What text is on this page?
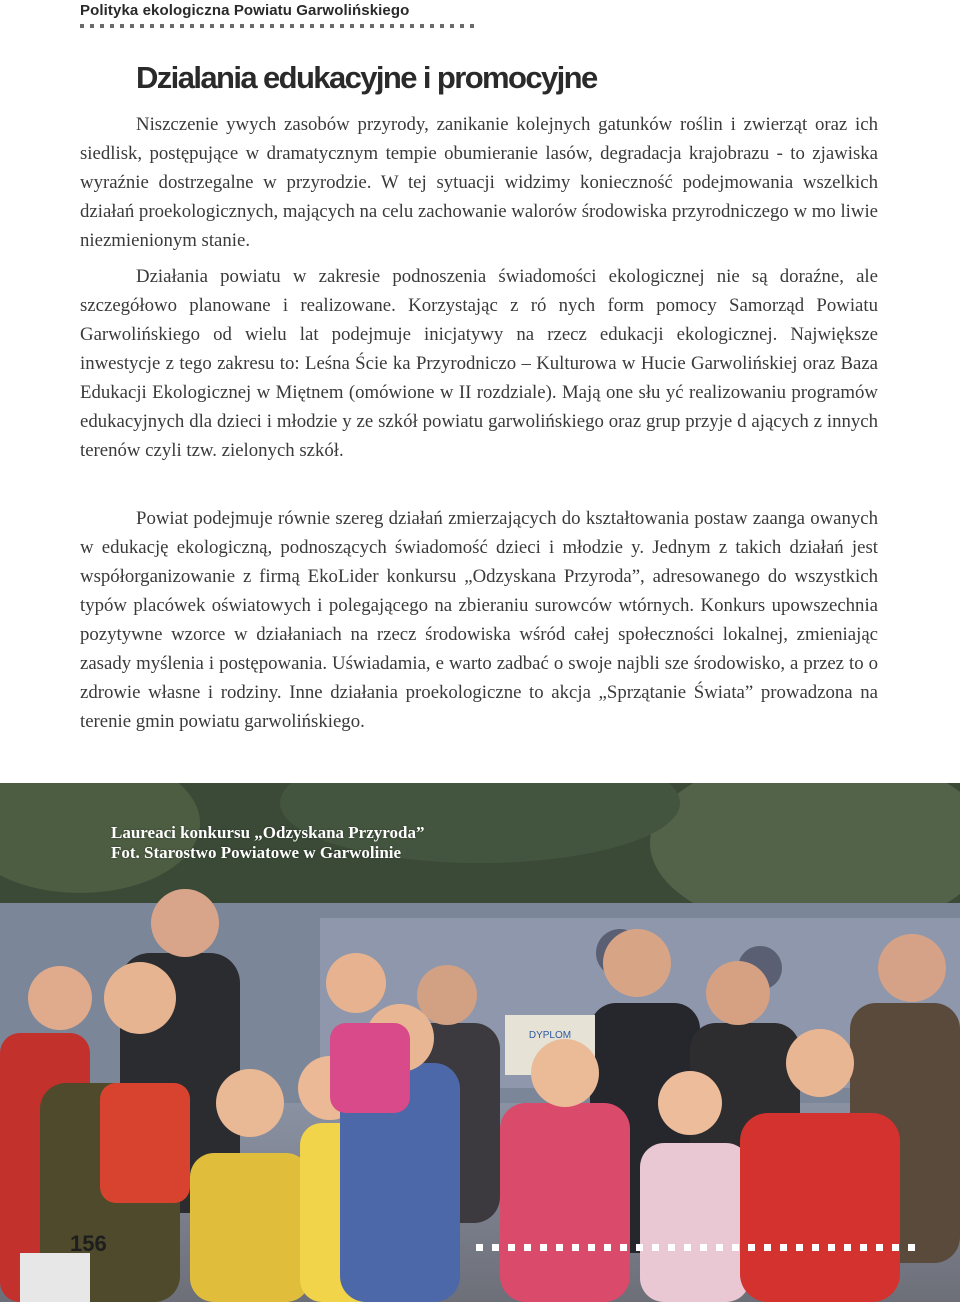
Polityka ekologiczna Powiatu Garwolińskiego
Dzialania edukacyjne i promocyjne

Niszczenie ywych zasobów przyrody, zanikanie kolejnych gatunków roślin i zwierząt oraz ich siedlisk, postępujące w dramatycznym tempie obumieranie lasów, degradacja krajobrazu - to zjawiska wyraźnie dostrzegalne w przyrodzie. W tej sytuacji widzimy konieczność podejmowania wszelkich działań proekologicznych, mających na celu zachowanie walorów środowiska przyrodniczego w mo liwie niezmienionym stanie.

Działania powiatu w zakresie podnoszenia świadomości ekologicznej nie są doraźne, ale szczegółowo planowane i realizowane. Korzystając z ró nych form pomocy Samorząd Powiatu Garwolińskiego od wielu lat podejmuje inicjatywy na rzecz edukacji ekologicznej. Największe inwestycje z tego zakresu to: Leśna Ście ka Przyrodniczo – Kulturowa w Hucie Garwolińskiej oraz Baza Edukacji Ekologicznej w Miętnem (omówione w II rozdziale). Mają one słu yć realizowaniu programów edukacyjnych dla dzieci i młodzie y ze szkół powiatu garwolińskiego oraz grup przyje d ających z innych terenów czyli tzw. zielonych szkół.

Powiat podejmuje równie szereg działań zmierzających do kształtowania postaw zaanga owanych w edukację ekologiczną, podnoszących świadomość dzieci i młodzie y. Jednym z takich działań jest współorganizowanie z firmą EkoLider konkursu „Odzyskana Przyroda”, adresowanego do wszystkich typów placówek oświatowych i polegającego na zbieraniu surowców wtórnych. Konkurs upowszechnia pozytywne wzorce w działaniach na rzecz środowiska wśród całej społeczności lokalnej, zmieniając zasady myślenia i postępowania. Uświadamia, e warto zadbać o swoje najbli sze środowisko, a przez to o zdrowie własne i rodziny. Inne działania proekologiczne to akcja „Sprzątanie Świata” prowadzona na terenie gmin powiatu garwolińskiego.

DYPLOM
Laureaci konkursu „Odzyskana Przyroda”
Fot. Starostwo Powiatowe w Garwolinie
156
